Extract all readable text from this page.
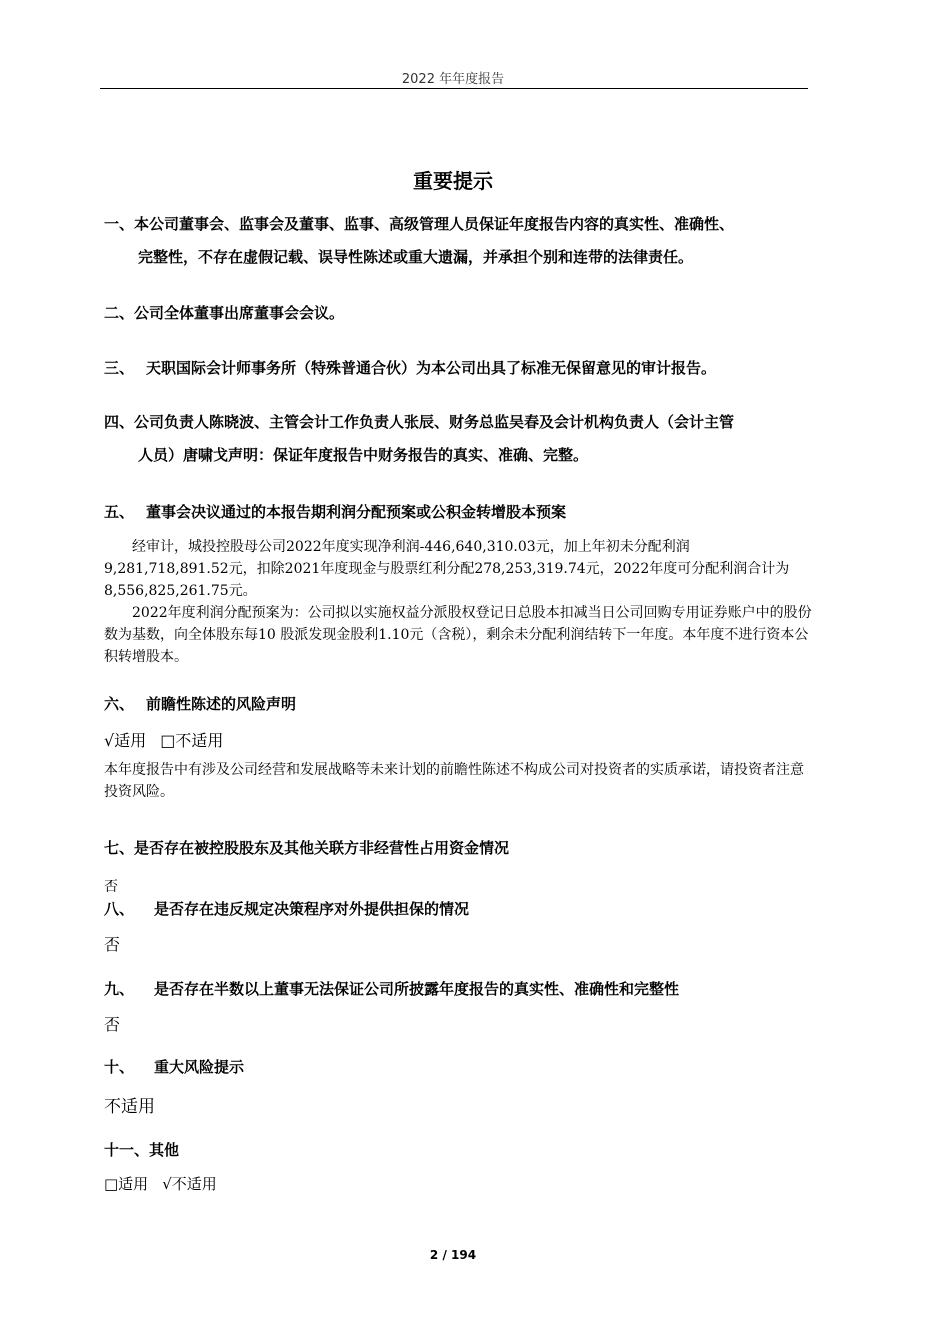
2022 年年度报告
重要提示
一、本公司董事会、监事会及董事、监事、高级管理人员保证年度报告内容的真实性、准确性、
完整性，不存在虚假记载、误导性陈述或重大遗漏，并承担个别和连带的法律责任。
二、公司全体董事出席董事会会议。
三、 天职国际会计师事务所（特殊普通合伙）为本公司出具了标准无保留意见的审计报告。
四、公司负责人陈晓波、主管会计工作负责人张辰、财务总监吴春及会计机构负责人（会计主管
人员）唐啸戈声明：保证年度报告中财务报告的真实、准确、完整。
五、 董事会决议通过的本报告期利润分配预案或公积金转增股本预案
经审计，城投控股母公司2022年度实现净利润-446,640,310.03元，加上年初未分配利润9,281,718,891.52元，扣除2021年度现金与股票红利分配278,253,319.74元，2022年度可分配利润合计为8,556,825,261.75元。
2022年度利润分配预案为：公司拟以实施权益分派股权登记日总股本扣减当日公司回购专用证券账户中的股份数为基数，向全体股东每10 股派发现金股利1.10元（含税），剩余未分配利润结转下一年度。本年度不进行资本公积转增股本。
六、 前瞻性陈述的风险声明
√适用 □不适用
本年度报告中有涉及公司经营和发展战略等未来计划的前瞻性陈述不构成公司对投资者的实质承诺，请投资者注意投资风险。
七、是否存在被控股股东及其他关联方非经营性占用资金情况
否
八、 是否存在违反规定决策程序对外提供担保的情况
否
九、 是否存在半数以上董事无法保证公司所披露年度报告的真实性、准确性和完整性
否
十、 重大风险提示
不适用
十一、其他
□适用 √不适用
2 / 194
